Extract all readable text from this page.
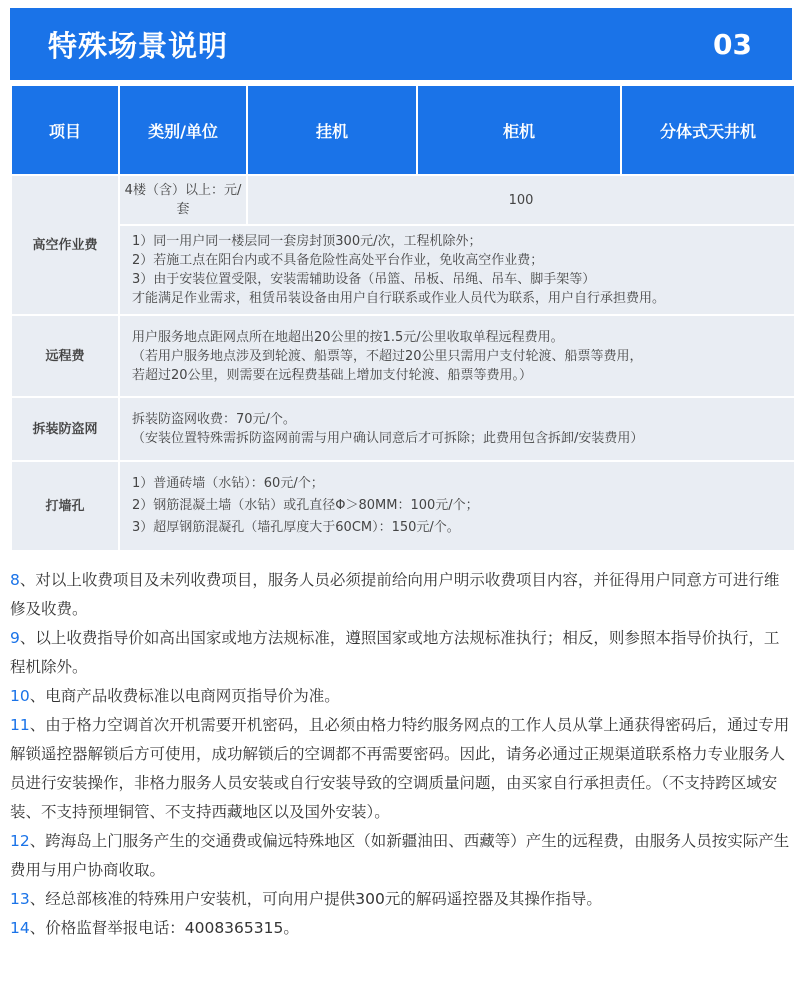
特殊场景说明	03
项目	类别/单位	挂机	柜机	分体式天井机
高空作业费	4楼（含）以上：元/套	100		

	1）同一用户同一楼层同一套房封顶300元/次，工程机除外；
2）若施工点在阳台内或不具备危险性高处平台作业，免收高空作业费；
3）由于安装位置受限，安装需辅助设备（吊篮、吊板、吊绳、吊车、脚手架等）
才能满足作业需求，租赁吊装设备由用户自行联系或作业人员代为联系，用户自行承担费用。			

远程费	用户服务地点距网点所在地超出20公里的按1.5元/公里收取单程远程费用。
（若用户服务地点涉及到轮渡、船票等，不超过20公里只需用户支付轮渡、船票等费用，
若超过20公里，则需要在远程费基础上增加支付轮渡、船票等费用。）			

拆装防盗网	拆装防盗网收费：70元/个。
（安装位置特殊需拆防盗网前需与用户确认同意后才可拆除；此费用包含拆卸/安装费用）			

打墙孔	1）普通砖墙（水钻）：60元/个；
2）钢筋混凝土墙（水钻）或孔直径Φ＞80MM：100元/个；
3）超厚钢筋混凝孔（墙孔厚度大于60CM）：150元/个。			

8、对以上收费项目及未列收费项目，服务人员必须提前给向用户明示收费项目内容，并征得用户同意方可进行维修及收费。

9、以上收费指导价如高出国家或地方法规标准，遵照国家或地方法规标准执行；相反，则参照本指导价执行，工程机除外。

10、电商产品收费标准以电商网页指导价为准。

11、由于格力空调首次开机需要开机密码，且必须由格力特约服务网点的工作人员从掌上通获得密码后，通过专用解锁遥控器解锁后方可使用，成功解锁后的空调都不再需要密码。因此，请务必通过正规渠道联系格力专业服务人员进行安装操作，非格力服务人员安装或自行安装导致的空调质量问题，由买家自行承担责任。（不支持跨区域安装、不支持预埋铜管、不支持西藏地区以及国外安装）。

12、跨海岛上门服务产生的交通费或偏远特殊地区（如新疆油田、西藏等）产生的远程费，由服务人员按实际产生费用与用户协商收取。

13、经总部核准的特殊用户安装机，可向用户提供300元的解码遥控器及其操作指导。

14、价格监督举报电话：4008365315。
